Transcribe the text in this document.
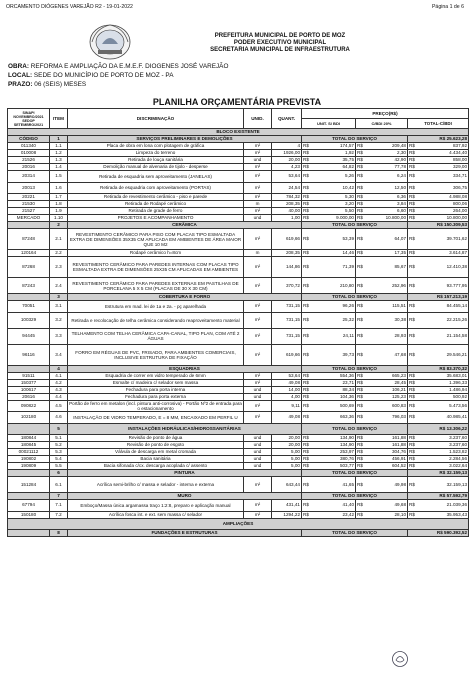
ORCAMENTO DIÓGENES VAREJÃO R2 - 19-01-2022	Página 1 de 6
PREFEITURA MUNICIPAL DE PORTO DE MOZ
PODER EXECUTIVO MUNICIPAL
SECRETARIA MUNICIPAL DE INFRAESTRUTURA
OBRA: REFORMA E AMPLIAÇÃO DA E.M.E.F. DIOGENES JOSÉ VAREJÃO
LOCAL: SEDE DO MUNICÍPIO DE PORTO DE MOZ - PA
PRAZO: 06 (SEIS) MESES
PLANILHA ORÇAMENTÁRIA PREVISTA
SINAPI NOVEMBRO/2021 SEDOP SETEMBRO/2021	ITEM	DISCRIMINAÇÃO	UNID.	QUANT.	PREÇO(R$)		
					UNIT. S/ BDI	C/BDI 20%	TOTAL-C/BDI
BLOCO EXISTENTE							
CÓDIGO	1	SERVIÇOS PRELIMINARES E DEMOLIÇÕES			TOTAL DO SERVIÇO		R$ 25.623,28
011340	1.1	Placa de obra em lona com plotagem de gráfica	m²	4	R$ 174,57	R$ 209,48	R$ 837,92

010008	1.2	Limpeza do terreno	m²	1926,00	R$ 1,92	R$ 2,30	R$ 4.434,40

21526	1.3	Retirada de louça sanitária	und	20,00	R$ 35,75	R$ 42,90	R$ 858,00

20016	1.4	Demolição manual de alvenaria de tijolo - desperse	m³	4,23	R$ 64,82	R$ 77,78	R$ 329,00

20314	1.5	Retirada de esquadria sem aproveitamento (JANELAS)	m²	53,64	R$ 5,26	R$ 6,24	R$ 334,71

20013	1.6	Retirada de esquadria com aproveitamento (PORTAS)	m²	24,54	R$ 10,42	R$ 12,50	R$ 306,75

20221	1.7	Retirada de revestimento cerâmico - piso e parede	m²	784,32	R$ 5,30	R$ 6,36	R$ 4.988,08

21530	1.8	Retirada de Rodapé cerâmico	m	208,35	R$ 3,20	R$ 3,84	R$ 800,06

21527	1.9	Retirada de grade de ferro	m²	40,00	R$ 5,50	R$ 6,60	R$ 264,00

MERCADO	1.10	PROJETOS E ACOMPANHAMENTO	und	1,00	R$ 9.000,00	R$ 10.800,00	R$ 10.800,00

	2	CERÂMICA			TOTAL DO SERVIÇO		R$ 150.309,53
87248	2.1	REVESTIMENTO CERÂMICO PARA PISO COM PLACAS TIPO ESMALTADA EXTRA DE DIMENSÕES 35X35 CM APLICADA EM AMBIENTES DE ÁREA MAIOR QUE 10 M2	m²	619,66	R$ 53,39	R$ 64,07	R$ 39.701,62

120164	2.2	Rodapé cerâmico h=8cm	m	208,35	R$ 14,46	R$ 17,35	R$ 3.614,87

87268	2.3	REVESTIMENTO CERÂMICO PARA PAREDES INTERNAS COM PLACAS TIPO ESMALTADA EXTRA DE DIMENSÕES 25X35 CM APLICADAS EM AMBIENTES	m²	144,86	R$ 71,39	R$ 85,67	R$ 12.410,38

87243	2.4	REVESTIMENTO CERÂMICO PARA PAREDES EXTERNAS EM PASTILHAS DE PORCELANA 5 X 5 CM (PLACAS DE 30 X 30 CM)	m²	370,72	R$ 210,80	R$ 252,96	R$ 93.777,95

	3	COBERTURA E FORRO			TOTAL DO SERVIÇO		R$ 157.213,19
70051	3.1	Estrutura em mad. lei de 1a e 2a. - pç aparelhada	m²	731,15	R$ 96,26	R$ 115,51	R$ 84.455,14

100329	3.2	Retirada e recolocação de telha cerâmica considerando reaproveitamento material	m²	731,15	R$ 25,32	R$ 30,38	R$ 22.215,26

94445	3.3	TELHAMENTO COM TELHA CERÂMICA CAPA-CANAL, TIPO PLAN, COM ATÉ 2 ÁGUAS	m²	731,15	R$ 24,11	R$ 28,93	R$ 21.154,58

96116	3.4	FORRO EM RÉGUAS DE PVC, FRISADO, PARA AMBIENTES COMERCIAIS, INCLUSIVE ESTRUTURA DE FIXAÇÃO	m²	619,66	R$ 39,73	R$ 47,68	R$ 29.546,21

	4	ESQUADRIAS			TOTAL DO SERVIÇO		R$ 83.370,32
91511	4.1	Esquadria de correr em vidro temperado de 6mm	m²	53,64	R$ 554,36	R$ 665,23	R$ 35.683,01

150377	4.2	Esmalte c/ madeira c/ selador sem massa	m²	49,08	R$ 23,71	R$ 28,45	R$ 1.396,33

100617	4.3	Fechadura para porta interna	und	14,00	R$ 88,34	R$ 106,21	R$ 1.486,94

20616	4.4	Fechadura para porta externa	und	4,00	R$ 104,36	R$ 125,23	R$ 500,92

090822	4.5	Portão de ferro em metalon (incl. pintura anti-corrosiva) - Portão Nº2 de entrada para o estacionamento	m²	9,11	R$ 500,69	R$ 600,83	R$ 5.473,56

102180	4.6	INSTALAÇÃO DE VIDRO TEMPERADO, E = 8 MM, ENCAIXADO EM PERFIL U	m²	49,08	R$ 663,36	R$ 796,03	R$ 40.985,41

	5	INSTALAÇÕES HIDRÁULICAS/HIDROSSANITÁRIAS			TOTAL DO SERVIÇO		R$ 13.306,22
180844	5.1	Revisão de ponto de água	und	20,00	R$ 134,90	R$ 161,88	R$ 3.237,60

180845	5.2	Revisão de ponto de esgoto	und	20,00	R$ 134,90	R$ 161,88	R$ 3.237,60

00021112	5.3	Válvula de descarga em metal cromada	und	5,00	R$ 253,97	R$ 304,76	R$ 1.523,82

190802	5.4	Bacia sanitária	und	5,00	R$ 380,76	R$ 456,91	R$ 2.284,56

190809	5.5	Bacia sifonada c/cx. descarga acoplada c/ assento	und	5,00	R$ 503,77	R$ 604,52	R$ 3.022,64

	6	PINTURA			TOTAL DO SERVIÇO		R$ 32.159,13
151284	6.1	Acrílica semi-brilho c/ massa e selador - interna e externa	m²	643,44	R$ 41,65	R$ 49,98	R$ 32.159,13

	7	MURO			TOTAL DO SERVIÇO		R$ 57.592,79
67794	7.1	Emboço/Massa única argamassa traço 1:2:8, preparo e aplicação manual	m²	431,41	R$ 41,40	R$ 49,68	R$ 21.039,36

150180	7.2	Acrílica fosca int. e ext. sem massa c/ selador	m²	1294,22	R$ 23,42	R$ 28,10	R$ 35.953,43

AMPLIAÇÕES							
	8	FUNDAÇÕES E ESTRUTURAS			TOTAL DO SERVIÇO		R$ 590.392,52
